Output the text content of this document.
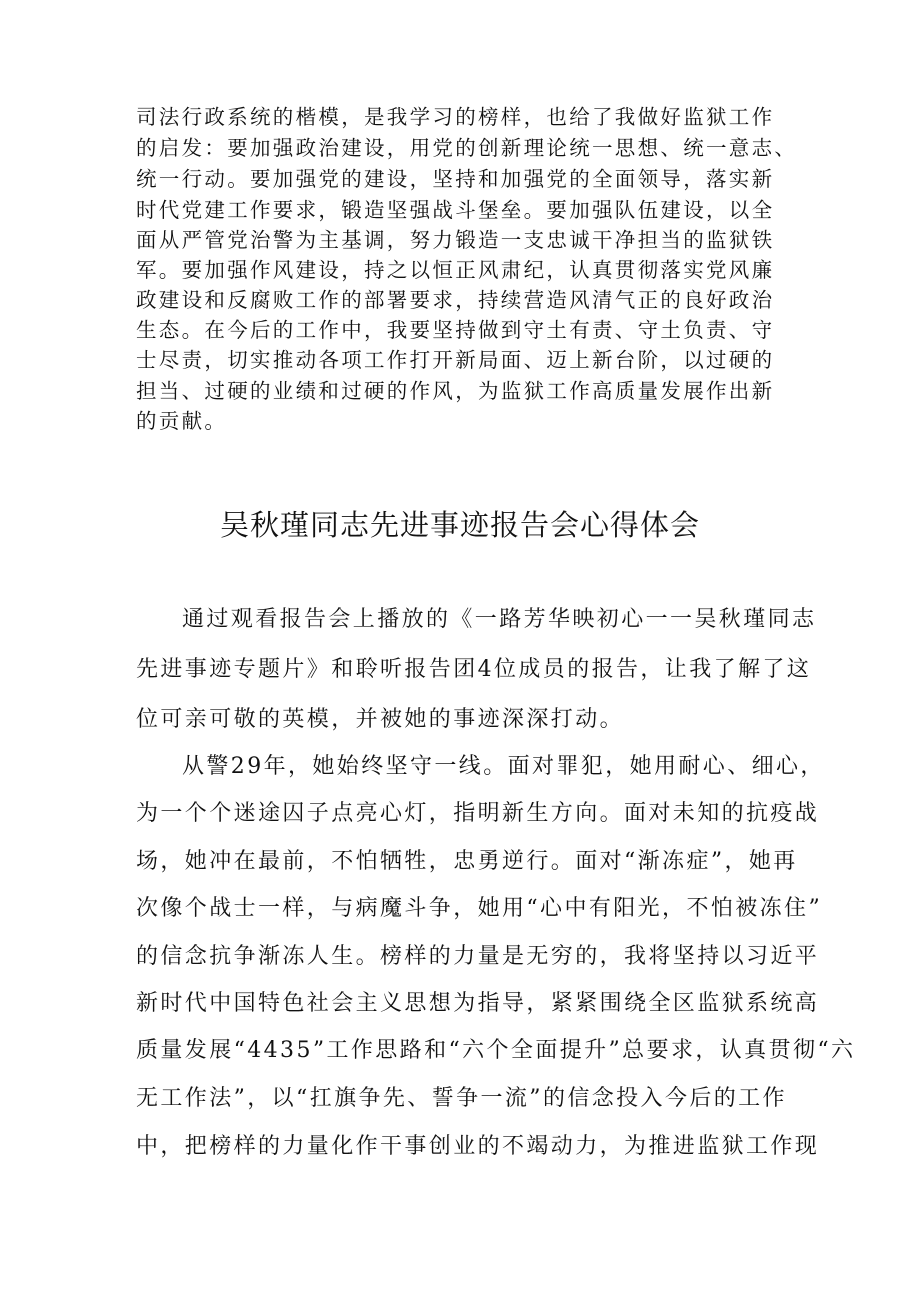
司法行政系统的楷模，是我学习的榜样，也给了我做好监狱工作
的启发：要加强政治建设，用党的创新理论统一思想、统一意志、
统一行动。要加强党的建设，坚持和加强党的全面领导，落实新
时代党建工作要求，锻造坚强战斗堡垒。要加强队伍建设，以全
面从严管党治警为主基调，努力锻造一支忠诚干净担当的监狱铁
军。要加强作风建设，持之以恒正风肃纪，认真贯彻落实党风廉
政建设和反腐败工作的部署要求，持续营造风清气正的良好政治
生态。在今后的工作中，我要坚持做到守土有责、守土负责、守
士尽责，切实推动各项工作打开新局面、迈上新台阶，以过硬的
担当、过硬的业绩和过硬的作风，为监狱工作高质量发展作出新
的贡献。
吴秋瑾同志先进事迹报告会心得体会
通过观看报告会上播放的《一路芳华映初心一一吴秋瑾同志
先进事迹专题片》和聆听报告团4位成员的报告，让我了解了这
位可亲可敬的英模，并被她的事迹深深打动。
从警29年，她始终坚守一线。面对罪犯，她用耐心、细心，
为一个个迷途囚子点亮心灯，指明新生方向。面对未知的抗疫战
场，她冲在最前，不怕牺牲，忠勇逆行。面对“渐冻症”，她再
次像个战士一样，与病魔斗争，她用“心中有阳光，不怕被冻住”
的信念抗争渐冻人生。榜样的力量是无穷的，我将坚持以习近平
新时代中国特色社会主义思想为指导，紧紧围绕全区监狱系统高
质量发展“4435”工作思路和“六个全面提升”总要求，认真贯彻“六
无工作法”，以“扛旗争先、誓争一流”的信念投入今后的工作
中，把榜样的力量化作干事创业的不竭动力，为推进监狱工作现
